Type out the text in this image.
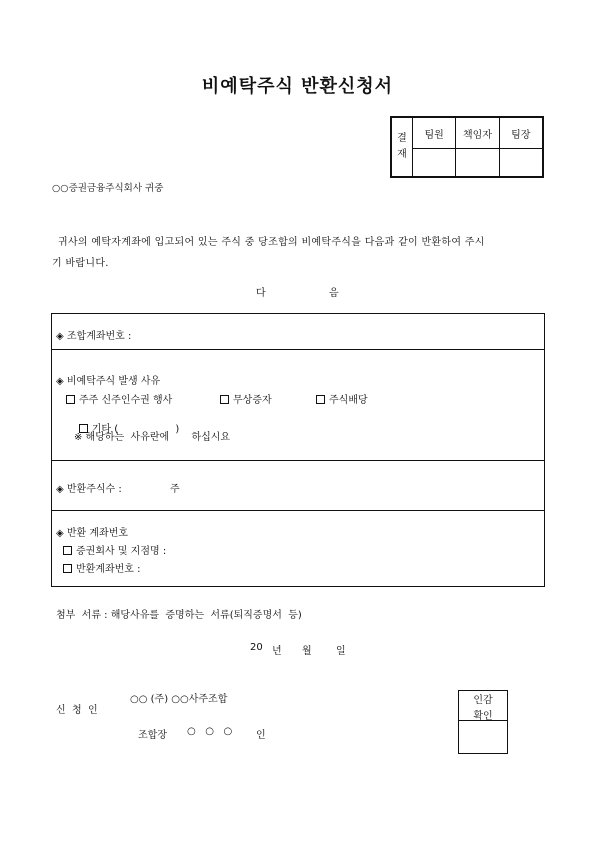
비예탁주식 반환신청서
결
재	팀원	책임자	팀장

○○증권금융주식회사 귀중
귀사의 예탁자계좌에 입고되어 있는 주식 중 당조합의 비예탁주식을 다음과 같이 반환하여 주시
기 바랍니다.
다	음
◈ 조합계좌번호 :
◈ 비예탁주식 발생 사유
주주 신주인수권 행사	무상증자	주식배당

기타 (                  )

※ 해당하는  사유란에       하십시요
◈ 반환주식수 :	주
◈ 반환 계좌번호
증권회사 및 지점명 :
반환계좌번호 :
첨부  서류 : 해당사유를  증명하는  서류(퇴직증명서  등)
20 년 월 일
신  청  인
○○ (주) ○○사주조합
조합장 ○   ○   ○ 인
인감
확인
